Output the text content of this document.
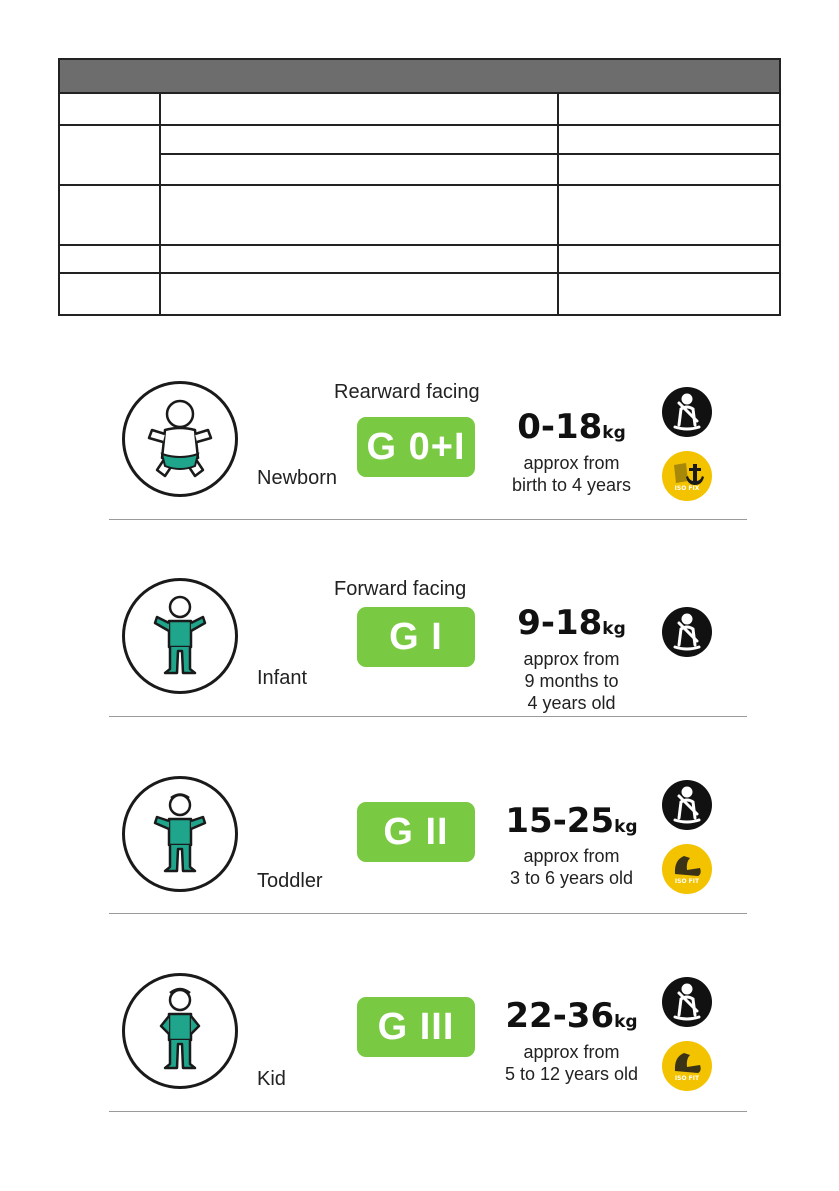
Newborn
Rearward facing
G 0+I	0-18kg
approx from
birth to 4 years	ISO FIX
Infant
Forward facing
G I	9-18kg
approx from
9 months to
4 years old
Toddler
G II	15-25kg
approx from
3 to 6 years old	ISO FIT
Kid
G III	22-36kg
approx from
5 to 12 years old	ISO FIT
